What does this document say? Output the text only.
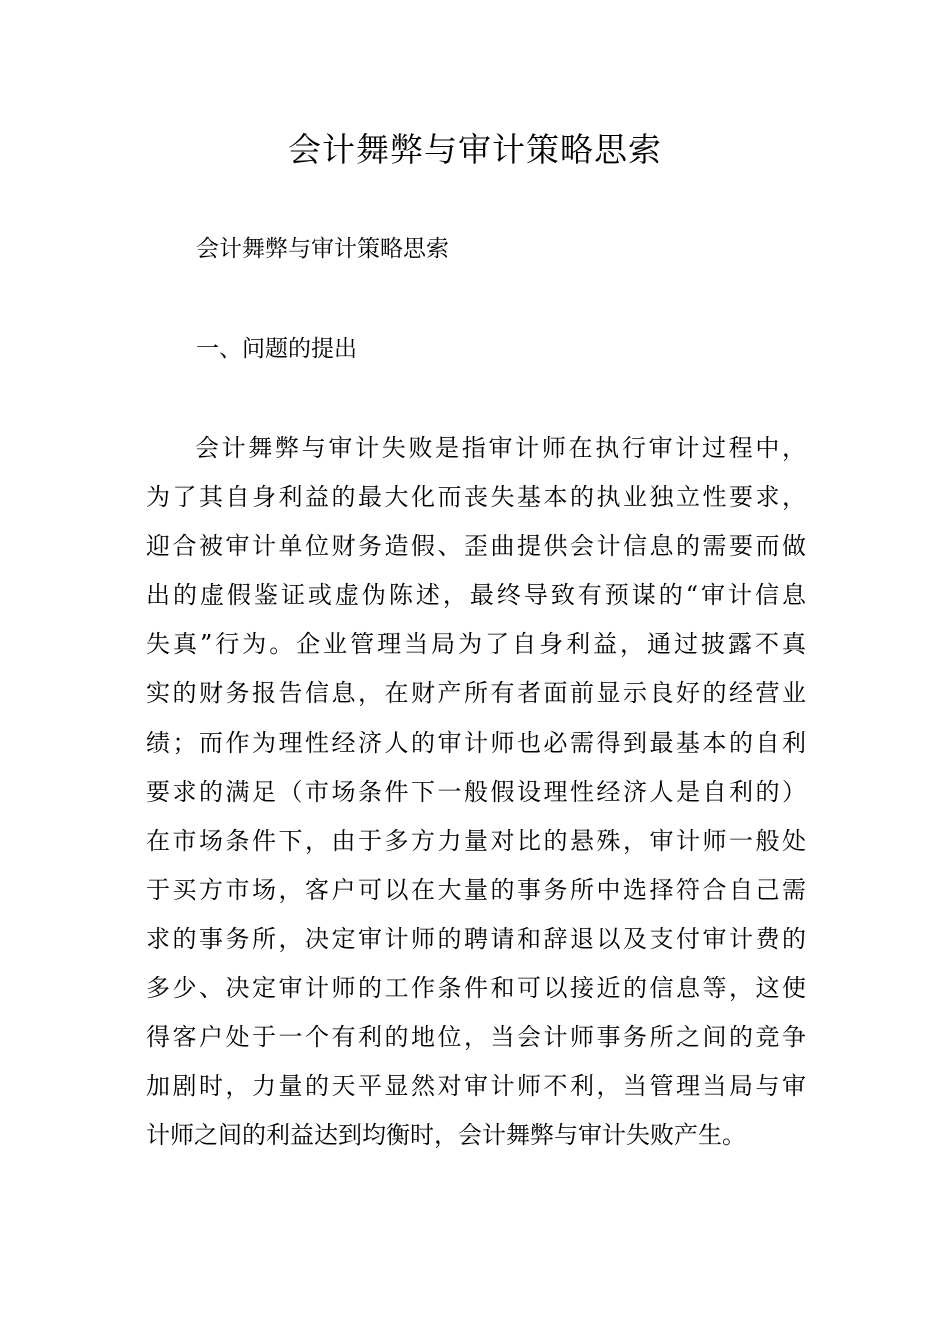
会计舞弊与审计策略思索

会计舞弊与审计策略思索

一、问题的提出

会计舞弊与审计失败是指审计师在执行审计过程中，
为了其自身利益的最大化而丧失基本的执业独立性要求，
迎合被审计单位财务造假、歪曲提供会计信息的需要而做
出的虚假鉴证或虚伪陈述，最终导致有预谋的“审计信息
失真”行为。企业管理当局为了自身利益，通过披露不真
实的财务报告信息，在财产所有者面前显示良好的经营业
绩；而作为理性经济人的审计师也必需得到最基本的自利
要求的满足（市场条件下一般假设理性经济人是自利的）
在市场条件下，由于多方力量对比的悬殊，审计师一般处
于买方市场，客户可以在大量的事务所中选择符合自己需
求的事务所，决定审计师的聘请和辞退以及支付审计费的
多少、决定审计师的工作条件和可以接近的信息等，这使
得客户处于一个有利的地位，当会计师事务所之间的竞争
加剧时，力量的天平显然对审计师不利，当管理当局与审
计师之间的利益达到均衡时，会计舞弊与审计失败产生。
